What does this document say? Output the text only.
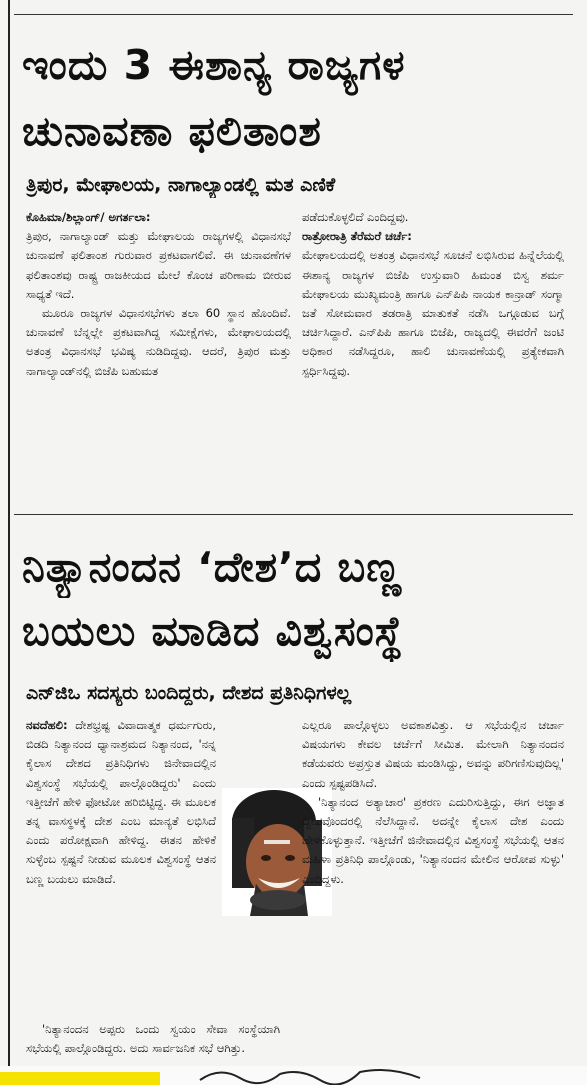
ಇಂದು 3 ಈಶಾನ್ಯ ರಾಜ್ಯಗಳ
ಚುನಾವಣಾ ಫಲಿತಾಂಶ
ತ್ರಿಪುರ, ಮೇಘಾಲಯ, ನಾಗಾಲ್ಯಾಂಡಲ್ಲಿ ಮತ ಎಣಿಕೆ

ಕೊಹಿಮಾ/ಶಿಲ್ಲಾಂಗ್/ ಅಗರ್ತಲಾ:

ತ್ರಿಪುರ, ನಾಗಾಲ್ಯಾಂಡ್ ಮತ್ತು ಮೇಘಾಲಯ ರಾಜ್ಯಗಳಲ್ಲಿ ವಿಧಾನಸಭೆ ಚುನಾವಣೆ ಫಲಿತಾಂಶ ಗುರುವಾರ ಪ್ರಕಟವಾಗಲಿವೆ. ಈ ಚುನಾವಣೆಗಳ ಫಲಿತಾಂಶವು ರಾಷ್ಟ್ರ ರಾಜಕೀಯದ ಮೇಲೆ ಕೊಂಚ ಪರಿಣಾಮ ಬೀರುವ ಸಾಧ್ಯತೆ ಇದೆ.

ಮೂರೂ ರಾಜ್ಯಗಳ ವಿಧಾನಸಭೆಗಳು ತಲಾ 60 ಸ್ಥಾನ ಹೊಂದಿವೆ. ಚುನಾವಣೆ ಬೆನ್ನಲ್ಲೇ ಪ್ರಕಟವಾಗಿದ್ದ ಸಮೀಕ್ಷೆಗಳು, ಮೇಘಾಲಯದಲ್ಲಿ ಅತಂತ್ರ ವಿಧಾನಸಭೆ ಭವಿಷ್ಯ ನುಡಿದಿದ್ದವು. ಆದರೆ, ತ್ರಿಪುರ ಮತ್ತು ನಾಗಾಲ್ಯಾಂಡ್‌ನಲ್ಲಿ ಬಿಜೆಪಿ ಬಹುಮತ

ಪಡೆದುಕೊಳ್ಳಲಿದೆ ಎಂದಿದ್ದವು.

ರಾತ್ರೋರಾತ್ರಿ ತೆರೆಮರೆ ಚರ್ಚೆ:

ಮೇಘಾಲಯದಲ್ಲಿ ಅತಂತ್ರ ವಿಧಾನಸಭೆ ಸೂಚನೆ ಲಭಿಸಿರುವ ಹಿನ್ನೆಲೆಯಲ್ಲಿ ಈಶಾನ್ಯ ರಾಜ್ಯಗಳ ಬಿಜೆಪಿ ಉಸ್ತುವಾರಿ ಹಿಮಂತ ಬಿಸ್ವ ಶರ್ಮ ಮೇಘಾಲಯ ಮುಖ್ಯಮಂತ್ರಿ ಹಾಗೂ ಎನ್‌ಪಿಪಿ ನಾಯಕ ಕಾನ್ರಾಡ್ ಸಂಗ್ಮಾ ಜತೆ ಸೋಮವಾರ ತಡರಾತ್ರಿ ಮಾತುಕತೆ ನಡೆಸಿ ಒಗ್ಗೂಡುವ ಬಗ್ಗೆ ಚರ್ಚಿಸಿದ್ದಾರೆ. ಎನ್‌ಪಿಪಿ ಹಾಗೂ ಬಿಜೆಪಿ, ರಾಜ್ಯದಲ್ಲಿ ಈವರೆಗೆ ಜಂಟಿ ಅಧಿಕಾರ ನಡೆಸಿದ್ದರೂ, ಹಾಲಿ ಚುನಾವಣೆಯಲ್ಲಿ ಪ್ರತ್ಯೇಕವಾಗಿ ಸ್ಪರ್ಧಿಸಿದ್ದವು.

ನಿತ್ಯಾನಂದನ ‘ದೇಶ’ದ ಬಣ್ಣ
ಬಯಲು ಮಾಡಿದ ವಿಶ್ವಸಂಸ್ಥೆ
ಎನ್‌ಜಿಒ ಸದಸ್ಯರು ಬಂದಿದ್ದರು, ದೇಶದ ಪ್ರತಿನಿಧಿಗಳಲ್ಲ

ನವದೆಹಲಿ: ದೇಶಭ್ರಷ್ಟ ವಿವಾದಾತ್ಮಕ ಧರ್ಮಗುರು, ಬಿಡದಿ ನಿತ್ಯಾನಂದ ಧ್ಯಾನಾಶ್ರಮದ ನಿತ್ಯಾನಂದ, 'ನನ್ನ ಕೈಲಾಸ ದೇಶದ ಪ್ರತಿನಿಧಿಗಳು ಜಿನೇವಾದಲ್ಲಿನ ವಿಶ್ವಸಂಸ್ಥೆ ಸಭೆಯಲ್ಲಿ ಪಾಲ್ಗೊಂಡಿದ್ದರು' ಎಂದು ಇತ್ತೀಚೆಗೆ ಹೇಳಿ ಫೋಟೋ ಹರಿಬಿಟ್ಟಿದ್ದ. ಈ ಮೂಲಕ ತನ್ನ ವಾಸಸ್ಥಳಕ್ಕೆ ದೇಶ ಎಂಬ ಮಾನ್ಯತೆ ಲಭಿಸಿದೆ ಎಂದು ಪರೋಕ್ಷವಾಗಿ ಹೇಳಿದ್ದ. ಈತನ ಹೇಳಿಕೆ ಸುಳ್ಳೆಂಬ ಸ್ಪಷ್ಟನೆ ನೀಡುವ ಮೂಲಕ ವಿಶ್ವಸಂಸ್ಥೆ ಆತನ ಬಣ್ಣ ಬಯಲು ಮಾಡಿದೆ.

'ನಿತ್ಯಾನಂದನ ಅಪ್ಪರು ಒಂದು ಸ್ವಯಂ ಸೇವಾ ಸಂಸ್ಥೆಯಾಗಿ ಸಭೆಯಲ್ಲಿ ಪಾಲ್ಗೊಂಡಿದ್ದರು. ಅದು ಸಾರ್ವಜನಿಕ ಸಭೆ ಆಗಿತ್ತು.

ಎಲ್ಲರೂ ಪಾಲ್ಗೊಳ್ಳಲು ಅವಕಾಶವಿತ್ತು. ಆ ಸಭೆಯಲ್ಲಿನ ಚರ್ಚಾ ವಿಷಯಗಳು ಕೇವಲ ಚರ್ಚೆಗೆ ಸೀಮಿತ. ಮೇಲಾಗಿ ನಿತ್ಯಾನಂದನ ಕಡೆಯವರು ಅಪ್ರಸ್ತುತ ವಿಷಯ ಮಂಡಿಸಿದ್ದು, ಅವನ್ನು ಪರಿಗಣಿಸುವುದಿಲ್ಲ' ಎಂದು ಸ್ಪಷ್ಟಪಡಿಸಿದೆ.

'ನಿತ್ಯಾನಂದ ಅತ್ಯಾಚಾರ' ಪ್ರಕರಣ ಎದುರಿಸುತ್ತಿದ್ದು, ಈಗ ಅಜ್ಞಾತ ದ್ವೀಪವೊಂದರಲ್ಲಿ ನೆಲೆಸಿದ್ದಾನೆ. ಅದನ್ನೇ ಕೈಲಾಸ ದೇಶ ಎಂದು ಹೇಳಿಕೊಳ್ಳುತ್ತಾನೆ. ಇತ್ತೀಚೆಗೆ ಜಿನೇವಾದಲ್ಲಿನ ವಿಶ್ವಸಂಸ್ಥೆ ಸಭೆಯಲ್ಲಿ ಆತನ ಮಹಿಳಾ ಪ್ರತಿನಿಧಿ ಪಾಲ್ಗೊಂಡು, 'ನಿತ್ಯಾನಂದನ ಮೇಲಿನ ಆರೋಪ ಸುಳ್ಳು' ಎಂದಿದ್ದಳು.
